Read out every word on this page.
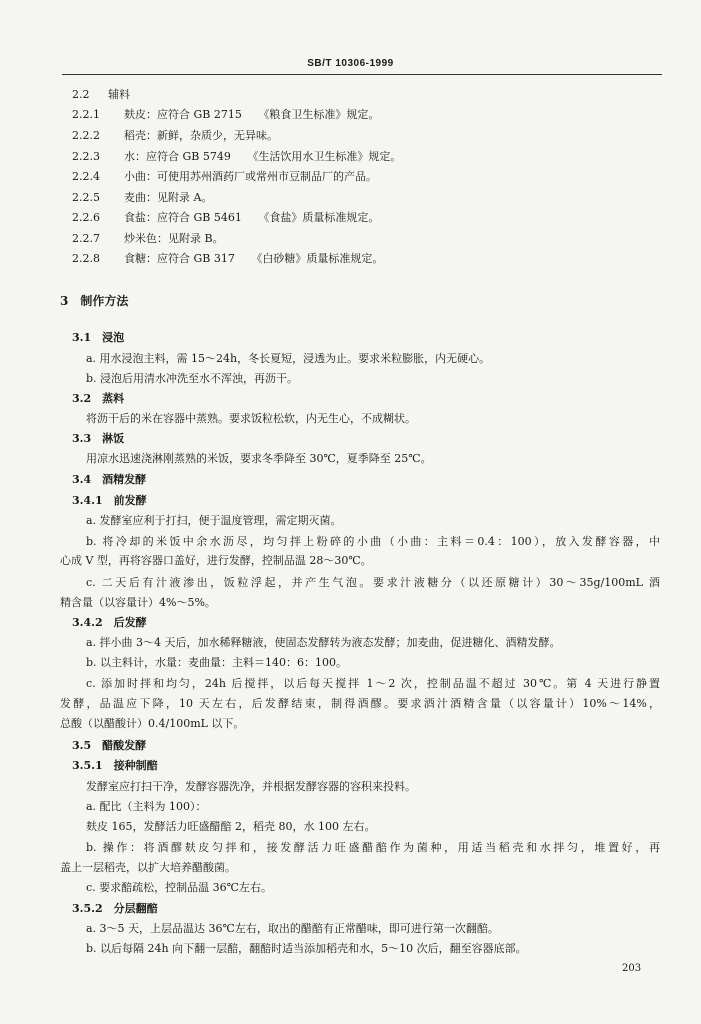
SB/T 10306-1999
2.2 辅料
2.2.1 麸皮：应符合 GB 2715　　《粮食卫生标准》规定。
2.2.2 稻壳：新鲜，杂质少，无异味。
2.2.3 水：应符合 GB 5749　　《生活饮用水卫生标准》规定。
2.2.4 小曲：可使用苏州酒药厂或常州市豆制品厂的产品。
2.2.5 麦曲：见附录 A。
2.2.6 食盐：应符合 GB 5461　　《食盐》质量标准规定。
2.2.7 炒米色：见附录 B。
2.2.8 食糖：应符合 GB 317　　《白砂糖》质量标准规定。
3　制作方法
3.1　浸泡
a. 用水浸泡主料，需 15～24h，冬长夏短，浸透为止。要求米粒膨胀，内无硬心。
b. 浸泡后用清水冲洗至水不浑浊，再沥干。
3.2　蒸料
将沥干后的米在容器中蒸熟。要求饭粒松软，内无生心，不成糊状。
3.3　淋饭
用凉水迅速浇淋刚蒸熟的米饭，要求冬季降至 30℃，夏季降至 25℃。
3.4　酒精发酵
3.4.1　前发酵
a. 发酵室应利于打扫，便于温度管理，需定期灭菌。
b. 将冷却的米饭中余水沥尽，均匀拌上粉碎的小曲（小曲：主料＝0.4：100），放入发酵容器，中
心成 V 型，再将容器口盖好，进行发酵，控制品温 28～30℃。
c. 二天后有汁液渗出，饭粒浮起，并产生气泡。要求汁液糖分（以还原糖计）30～35g/100mL 酒
精含量（以容量计）4%～5%。
3.4.2　后发酵
a. 拌小曲 3～4 天后，加水稀释糖液，使固态发酵转为液态发酵；加麦曲，促进糖化、酒精发酵。
b. 以主料计，水量：麦曲量：主料＝140：6：100。
c. 添加时拌和均匀，24h 后搅拌，以后每天搅拌 1～2 次，控制品温不超过 30℃。第 4 天进行静置
发酵，品温应下降，10 天左右，后发酵结束，制得酒醪。要求酒汁酒精含量（以容量计）10%～14%，
总酸（以醋酸计）0.4/100mL 以下。
3.5　醋酸发酵
3.5.1　接种制醅
发酵室应打扫干净，发酵容器洗净，并根据发酵容器的容积来投料。
a. 配比（主料为 100）：
麸皮 165，发酵活力旺盛醋醅 2，稻壳 80，水 100 左右。
b. 操作：将酒醪麸皮匀拌和，接发酵活力旺盛醋醅作为菌种，用适当稻壳和水拌匀，堆置好，再
盖上一层稻壳，以扩大培养醋酸菌。
c. 要求醅疏松，控制品温 36℃左右。
3.5.2　分层翻醅
a. 3～5 天，上层品温达 36℃左右，取出的醋醅有正常醋味，即可进行第一次翻醅。
b. 以后每隔 24h 向下翻一层醅，翻醅时适当添加稻壳和水，5～10 次后，翻至容器底部。
203
